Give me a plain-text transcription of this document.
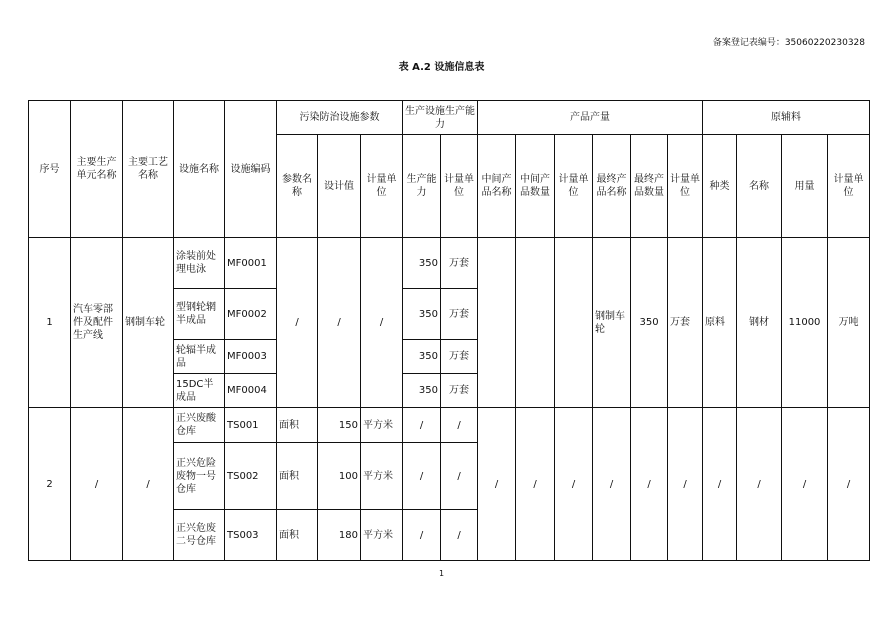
备案登记表编号：35060220230328
表 A.2 设施信息表
序号	主要生产单元名称	主要工艺名称	设施名称	设施编码	污染防治设施参数			生产设施生产能力		产品产量						原辅料			
					参数名称	设计值	计量单位	生产能力	计量单位	中间产品名称	中间产品数量	计量单位	最终产品名称	最终产品数量	计量单位	种类	名称	用量	计量单位
1	汽车零部件及配件生产线	钢制车轮	涂装前处理电泳	MF0001	/	/	/	350	万套				钢制车轮	350	万套	原料	钢材	11000	万吨
			型钢轮辋半成品	MF0002				350	万套										
			轮辐半成品	MF0003				350	万套										
			15DC半成品	MF0004				350	万套										
2	/	/	正兴废酸仓库	TS001	面积	150	平方米	/	/	/	/	/	/	/	/	/	/	/	/
			正兴危险废物一号仓库	TS002	面积	100	平方米	/	/										
			正兴危废二号仓库	TS003	面积	180	平方米	/	/										
1
